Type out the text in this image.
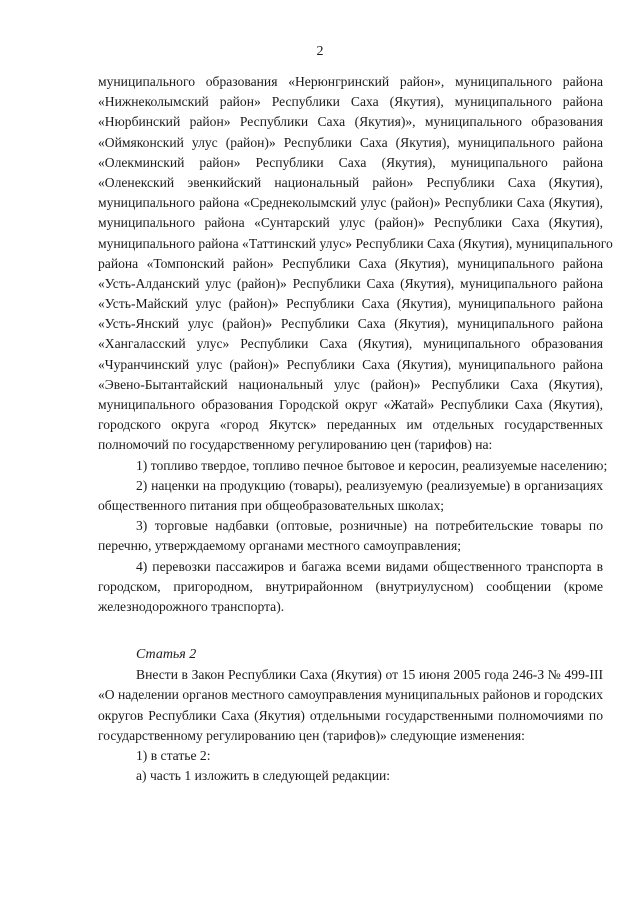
2
муниципального образования «Нерюнгринский район», муниципального района
«Нижнеколымский район» Республики Саха (Якутия), муниципального района
«Нюрбинский район» Республики Саха (Якутия)», муниципального образования
«Оймяконский улус (район)» Республики Саха (Якутия), муниципального района
«Олекминский район» Республики Саха (Якутия), муниципального района
«Оленекский эвенкийский национальный район» Республики Саха (Якутия),
муниципального района «Среднеколымский улус (район)» Республики Саха (Якутия),
муниципального района «Сунтарский улус (район)» Республики Саха (Якутия),
муниципального района «Таттинский улус» Республики Саха (Якутия), муниципального
района «Томпонский район» Республики Саха (Якутия), муниципального района
«Усть-Алданский улус (район)» Республики Саха (Якутия), муниципального района
«Усть-Майский улус (район)» Республики Саха (Якутия), муниципального района
«Усть-Янский улус (район)» Республики Саха (Якутия), муниципального района
«Хангаласский улус» Республики Саха (Якутия), муниципального образования
«Чуранчинский улус (район)» Республики Саха (Якутия), муниципального района
«Эвено-Бытантайский национальный улус (район)» Республики Саха (Якутия),
муниципального образования Городской округ «Жатай» Республики Саха (Якутия),
городского округа «город Якутск» переданных им отдельных государственных
полномочий по государственному регулированию цен (тарифов) на:
1) топливо твердое, топливо печное бытовое и керосин, реализуемые населению;
2) наценки на продукцию (товары), реализуемую (реализуемые) в организациях
общественного питания при общеобразовательных школах;
3) торговые надбавки (оптовые, розничные) на потребительские товары по
перечню, утверждаемому органами местного самоуправления;
4) перевозки пассажиров и багажа всеми видами общественного транспорта в
городском, пригородном, внутрирайонном (внутриулусном) сообщении (кроме
железнодорожного транспорта).
Статья 2
Внести в Закон Республики Саха (Якутия) от 15 июня 2005 года 246-З № 499-III
«О наделении органов местного самоуправления муниципальных районов и городских
округов Республики Саха (Якутия) отдельными государственными полномочиями по
государственному регулированию цен (тарифов)» следующие изменения:
1) в статье 2:
а) часть 1 изложить в следующей редакции:
